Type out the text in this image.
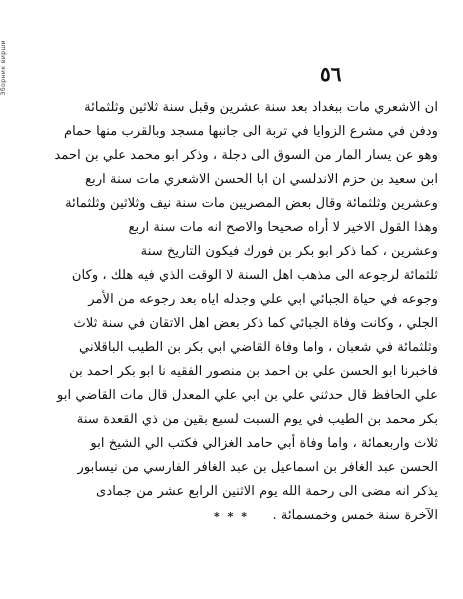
Зборник вирши	٥٦
ان الاشعري مات ببغداد بعد سنة عشرين وقبل سنة ثلاثين وثلثمائة
ودفن في مشرع الزوايا في تربة الى جانبها مسجد وبالقرب منها حمام
وهو عن يسار المار من السوق الى دجلة ، وذكر ابو محمد علي بن احمد
ابن سعيد بن حزم الاندلسي ان ابا الحسن الاشعري مات سنة اربع
وعشرين وثلثمائة وقال بعض المصريين مات سنة نيف وثلاثين وثلثمائة
وهذا القول الاخير لا أراه صحيحا والاصح انه مات سنة اربع
وعشرين ، كما ذكر ابو بكر بن فورك فيكون التاريخ سنة
ثلثمائة لرجوعه الى مذهب اهل السنة لا الوقت الذي فيه هلك ، وكان
وجوعه في حياة الجبائي ابي علي وجدله اياه بعد رجوعه من الأمر
الجلي ، وكانت وفاة الجبائي كما ذكر بعض اهل الاتقان في سنة ثلاث
وثلثمائة في شعبان ، واما وفاة القاضي ابي بكر بن الطيب الباقلاني
فاخبرنا ابو الحسن علي بن احمد بن منصور الفقيه نا ابو بكر احمد بن
علي الحافظ قال حدثني علي بن ابي علي المعدل قال مات القاضي ابو
بكر محمد بن الطيب في يوم السبت لسبع بقين من ذي القعدة سنة
ثلاث واربعمائة ، واما وفاة أبي حامد الغزالي فكتب الي الشيخ ابو
الحسن عبد الغافر بن اسماعيل بن عبد الغافر الفارسي من نيسابور
يذكر انه مضى الى رحمة الله يوم الاثنين الرابع عشر من جمادى
الآخرة سنة خمس وخمسمائة .
* * *
